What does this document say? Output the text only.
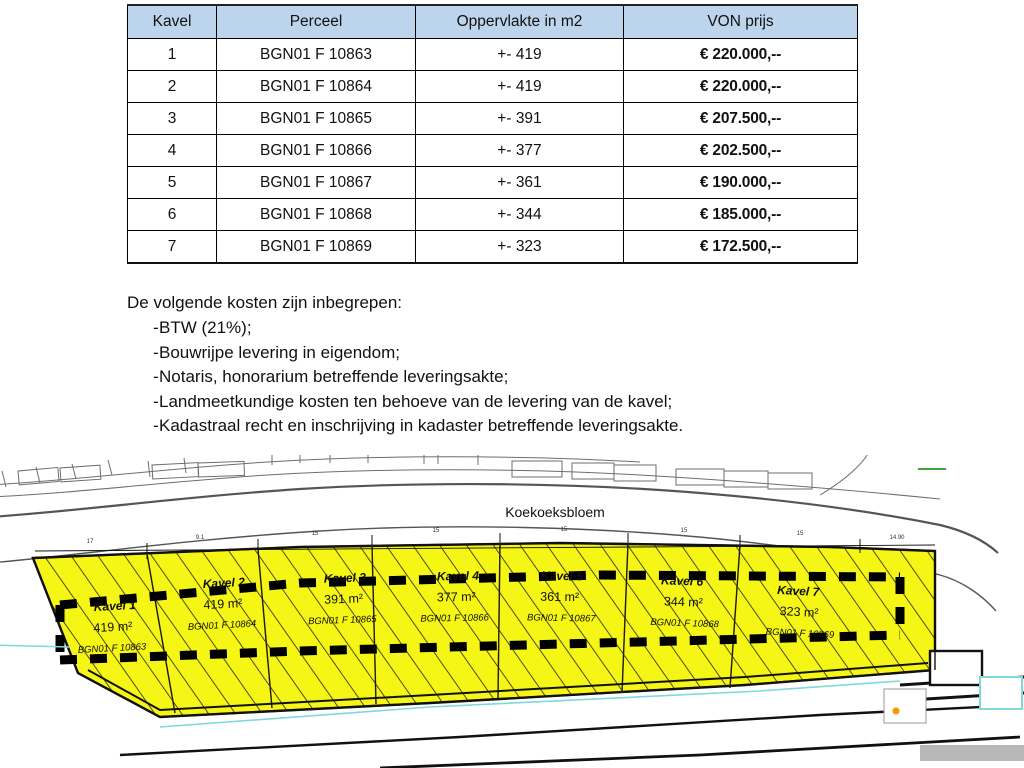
Kavel	Perceel	Oppervlakte in m2	VON prijs
1	BGN01 F 10863	+- 419	€ 220.000,--
2	BGN01 F 10864	+- 419	€ 220.000,--
3	BGN01 F 10865	+- 391	€ 207.500,--
4	BGN01 F 10866	+- 377	€ 202.500,--
5	BGN01 F 10867	+- 361	€ 190.000,--
6	BGN01 F 10868	+- 344	€ 185.000,--
7	BGN01 F 10869	+- 323	€ 172.500,--

De volgende kosten zijn inbegrepen:

- BTW (21%);
- Bouwrijpe levering in eigendom;
- Notaris, honorarium betreffende leveringsakte;
- Landmeetkundige kosten ten behoeve van de levering van de kavel;
- Kadastraal recht en inschrijving in kadaster betreffende leveringsakte.
Koekoeksbloem
17
9.1
15	15	15	15	15
14.90
Kavel 1
419 m²
BGN01 F 10863
Kavel 2
419 m²
BGN01 F 10864
Kavel 3
391 m²
BGN01 F 10865
Kavel 4
377 m²
BGN01 F 10866
Kavel 5
361 m²
BGN01 F 10867
Kavel 6
344 m²
BGN01 F 10868
Kavel 7
323 m²
BGN01 F 10869
